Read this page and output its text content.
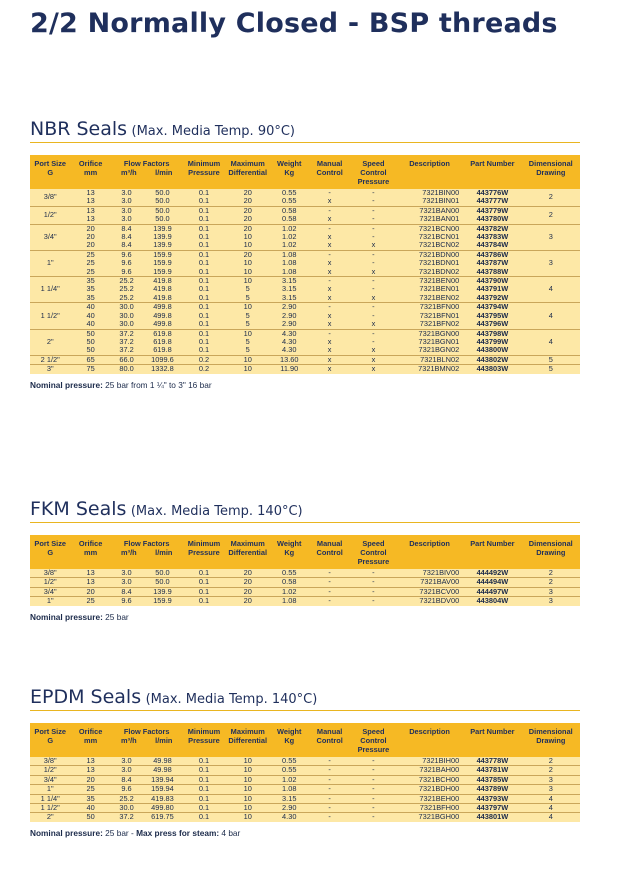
2/2 Normally Closed - BSP threads
NBR Seals (Max. Media Temp. 90°C)
Port Size G	Orifice mm	Flow Factors
m³/h l/min		Minimum Pressure	Maximum Differential	Weight Kg	Manual Control	Speed Control Pressure	Description	Part Number	Dimensional Drawing
3/8"	13	3.0	50.0	0.1	20	0.55	-	-	7321BIN00	443776W	2
	13	3.0	50.0	0.1	20	0.55	x	-	7321BIN01	443777W	
1/2"	13	3.0	50.0	0.1	20	0.58	-	-	7321BAN00	443779W	2
	13	3.0	50.0	0.1	20	0.58	x	-	7321BAN01	443780W	
3/4"	20	8.4	139.9	0.1	20	1.02	-	-	7321BCN00	443782W	3
	20	8.4	139.9	0.1	10	1.02	x	-	7321BCN01	443783W	
	20	8.4	139.9	0.1	10	1.02	x	x	7321BCN02	443784W	
1"	25	9.6	159.9	0.1	20	1.08	-	-	7321BDN00	443786W	3
	25	9.6	159.9	0.1	10	1.08	x	-	7321BDN01	443787W	
	25	9.6	159.9	0.1	10	1.08	x	x	7321BDN02	443788W	
1 1/4"	35	25.2	419.8	0.1	10	3.15	-	-	7321BEN00	443790W	4
	35	25.2	419.8	0.1	5	3.15	x	-	7321BEN01	443791W	
	35	25.2	419.8	0.1	5	3.15	x	x	7321BEN02	443792W	
1 1/2"	40	30.0	499.8	0.1	10	2.90	-	-	7321BFN00	443794W	4
	40	30.0	499.8	0.1	5	2.90	x	-	7321BFN01	443795W	
	40	30.0	499.8	0.1	5	2.90	x	x	7321BFN02	443796W	
2"	50	37.2	619.8	0.1	10	4.30	-	-	7321BGN00	443798W	4
	50	37.2	619.8	0.1	5	4.30	x	-	7321BGN01	443799W	
	50	37.2	619.8	0.1	5	4.30	x	x	7321BGN02	443800W	
2 1/2"	65	66.0	1099.6	0.2	10	13.60	x	x	7321BLN02	443802W	5
3"	75	80.0	1332.8	0.2	10	11.90	x	x	7321BMN02	443803W	5
Nominal pressure: 25 bar from 1 ¼" to 3" 16 bar
FKM Seals (Max. Media Temp. 140°C)
Port Size G	Orifice mm	Flow Factors
m³/h l/min		Minimum Pressure	Maximum Differential	Weight Kg	Manual Control	Speed Control Pressure	Description	Part Number	Dimensional Drawing
3/8"	13	3.0	50.0	0.1	20	0.55	-	-	7321BIV00	444492W	2
1/2"	13	3.0	50.0	0.1	20	0.58	-	-	7321BAV00	444494W	2
3/4"	20	8.4	139.9	0.1	20	1.02	-	-	7321BCV00	444497W	3
1"	25	9.6	159.9	0.1	20	1.08	-	-	7321BDV00	443804W	3
Nominal pressure: 25 bar
EPDM Seals (Max. Media Temp. 140°C)
Port Size G	Orifice mm	Flow Factors
m³/h l/min		Minimum Pressure	Maximum Differential	Weight Kg	Manual Control	Speed Control Pressure	Description	Part Number	Dimensional Drawing
3/8"	13	3.0	49.98	0.1	10	0.55	-	-	7321BIH00	443778W	2
1/2"	13	3.0	49.98	0.1	10	0.55	-	-	7321BAH00	443781W	2
3/4"	20	8.4	139.94	0.1	10	1.02	-	-	7321BCH00	443785W	3
1"	25	9.6	159.94	0.1	10	1.08	-	-	7321BDH00	443789W	3
1 1/4"	35	25.2	419.83	0.1	10	3.15	-	-	7321BEH00	443793W	4
1 1/2"	40	30.0	499.80	0.1	10	2.90	-	-	7321BFH00	443797W	4
2"	50	37.2	619.75	0.1	10	4.30	-	-	7321BGH00	443801W	4
Nominal pressure: 25 bar - Max press for steam: 4 bar
